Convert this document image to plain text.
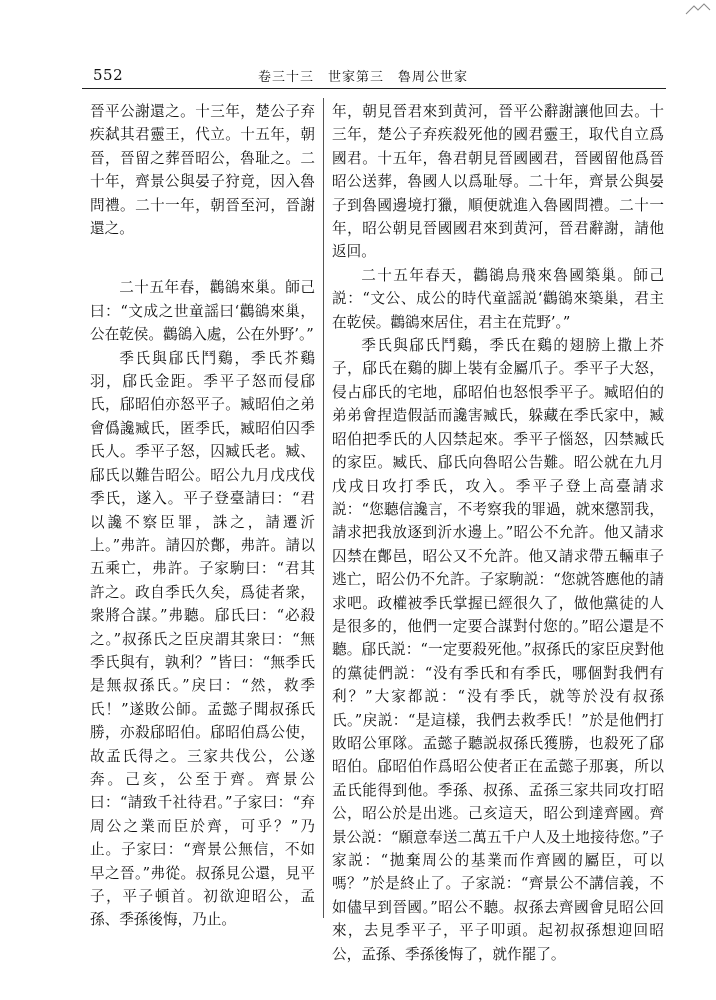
552	卷三十三　世家第三　魯周公世家

晉平公謝還之。十三年，楚公子弃疾弑其君靈王，代立。十五年，朝晉，晉留之葬晉昭公，魯耻之。二十年，齊景公與晏子狩竟，因入魯問禮。二十一年，朝晉至河，晉謝還之。

二十五年春，鸛鵒來巢。師己曰：“文成之世童謡曰‘鸛鵒來巢，公在乾侯。鸛鵒入處，公在外野’。”

季氏與郈氏鬥鷄，季氏芥鷄羽，郈氏金距。季平子怒而侵郈氏，郈昭伯亦怒平子。臧昭伯之弟會僞讒臧氏，匿季氏，臧昭伯囚季氏人。季平子怒，囚臧氏老。臧、郈氏以難告昭公。昭公九月戊戌伐季氏，遂入。平子登臺請曰：“君以讒不察臣罪，誅之，請遷沂上。”弗許。請囚於鄪，弗許。請以五乘亡，弗許。子家駒曰：“君其許之。政自季氏久矣，爲徒者衆，衆將合謀。”弗聽。郈氏曰：“必殺之。”叔孫氏之臣戾謂其衆曰：“無季氏與有，孰利？”皆曰：“無季氏是無叔孫氏。”戾曰：“然，救季氏！”遂敗公師。孟懿子聞叔孫氏勝，亦殺郈昭伯。郈昭伯爲公使，故孟氏得之。三家共伐公，公遂奔。己亥，公至于齊。齊景公曰：“請致千社待君。”子家曰：“弃周公之業而臣於齊，可乎？”乃止。子家曰：“齊景公無信，不如早之晉。”弗從。叔孫見公還，見平子，平子頓首。初欲迎昭公，孟孫、季孫後悔，乃止。

年，朝見晉君來到黄河，晉平公辭謝讓他回去。十三年，楚公子弃疾殺死他的國君靈王，取代自立爲國君。十五年，魯君朝見晉國國君，晉國留他爲晉昭公送葬，魯國人以爲耻辱。二十年，齊景公與晏子到魯國邊境打獵，順便就進入魯國問禮。二十一年，昭公朝見晉國國君來到黄河，晉君辭謝，請他返回。

二十五年春天，鸛鵒鳥飛來魯國築巢。師己説：“文公、成公的時代童謡説‘鸛鵒來築巢，君主在乾侯。鸛鵒來居住，君主在荒野’。”

季氏與郈氏鬥鷄，季氏在鷄的翅膀上撒上芥子，郈氏在鷄的脚上裝有金屬爪子。季平子大怒，侵占郈氏的宅地，郈昭伯也怒恨季平子。臧昭伯的弟弟會捏造假話而讒害臧氏，躲藏在季氏家中，臧昭伯把季氏的人囚禁起來。季平子惱怒，囚禁臧氏的家臣。臧氏、郈氏向魯昭公告難。昭公就在九月戊戌日攻打季氏，攻入。季平子登上高臺請求説：“您聽信讒言，不考察我的罪過，就來懲罰我，請求把我放逐到沂水邊上。”昭公不允許。他又請求囚禁在鄪邑，昭公又不允許。他又請求帶五輛車子逃亡，昭公仍不允許。子家駒説：“您就答應他的請求吧。政權被季氏掌握已經很久了，做他黨徒的人是很多的，他們一定要合謀對付您的。”昭公還是不聽。郈氏説：“一定要殺死他。”叔孫氏的家臣戾對他的黨徒們説：“没有季氏和有季氏，哪個對我們有利？”大家都説：“没有季氏，就等於没有叔孫氏。”戾説：“是這樣，我們去救季氏！”於是他們打敗昭公軍隊。孟懿子聽説叔孫氏獲勝，也殺死了郈昭伯。郈昭伯作爲昭公使者正在孟懿子那裏，所以孟氏能得到他。季孫、叔孫、孟孫三家共同攻打昭公，昭公於是出逃。己亥這天，昭公到達齊國。齊景公説：“願意奉送二萬五千户人及土地接待您。”子家説：“拋棄周公的基業而作齊國的屬臣，可以嗎？”於是終止了。子家説：“齊景公不講信義，不如儘早到晉國。”昭公不聽。叔孫去齊國會見昭公回來，去見季平子，平子叩頭。起初叔孫想迎回昭公，孟孫、季孫後悔了，就作罷了。
